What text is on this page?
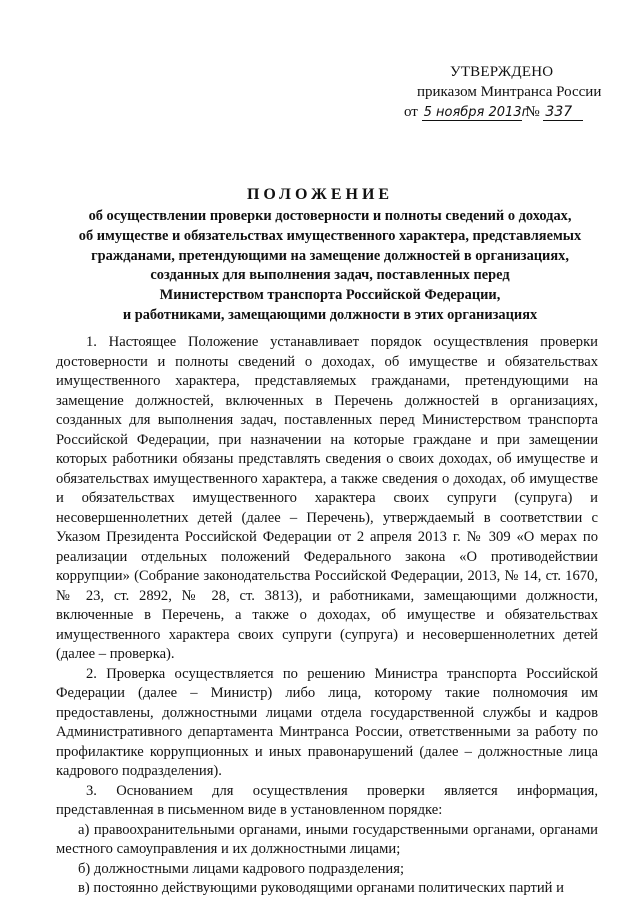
УТВЕРЖДЕНО
приказом Минтранса России
от 5 ноября 2013г № 337
ПОЛОЖЕНИЕ
об осуществлении проверки достоверности и полноты сведений о доходах,
об имуществе и обязательствах имущественного характера, представляемых
гражданами, претендующими на замещение должностей в организациях,
созданных для выполнения задач, поставленных перед
Министерством транспорта Российской Федерации,
и работниками, замещающими должности в этих организациях

1. Настоящее Положение устанавливает порядок осуществления проверки достоверности и полноты сведений о доходах, об имуществе и обязательствах имущественного характера, представляемых гражданами, претендующими на замещение должностей, включенных в Перечень должностей в организациях, созданных для выполнения задач, поставленных перед Министерством транспорта Российской Федерации, при назначении на которые граждане и при замещении которых работники обязаны представлять сведения о своих доходах, об имуществе и обязательствах имущественного характера, а также сведения о доходах, об имуществе и обязательствах имущественного характера своих супруги (супруга) и несовершеннолетних детей (далее – Перечень), утверждаемый в соответствии с Указом Президента Российской Федерации от 2 апреля 2013 г. № 309 «О мерах по реализации отдельных положений Федерального закона «О противодействии коррупции» (Собрание законодательства Российской Федерации, 2013, № 14, ст. 1670, № 23, ст. 2892, № 28, ст. 3813), и работниками, замещающими должности, включенные в Перечень, а также о доходах, об имуществе и обязательствах имущественного характера своих супруги (супруга) и несовершеннолетних детей (далее – проверка).

2. Проверка осуществляется по решению Министра транспорта Российской Федерации (далее – Министр) либо лица, которому такие полномочия им предоставлены, должностными лицами отдела государственной службы и кадров Административного департамента Минтранса России, ответственными за работу по профилактике коррупционных и иных правонарушений (далее – должностные лица кадрового подразделения).

3. Основанием для осуществления проверки является информация, представленная в письменном виде в установленном порядке:

а) правоохранительными органами, иными государственными органами, органами местного самоуправления и их должностными лицами;

б) должностными лицами кадрового подразделения;

в) постоянно действующими руководящими органами политических партий и
